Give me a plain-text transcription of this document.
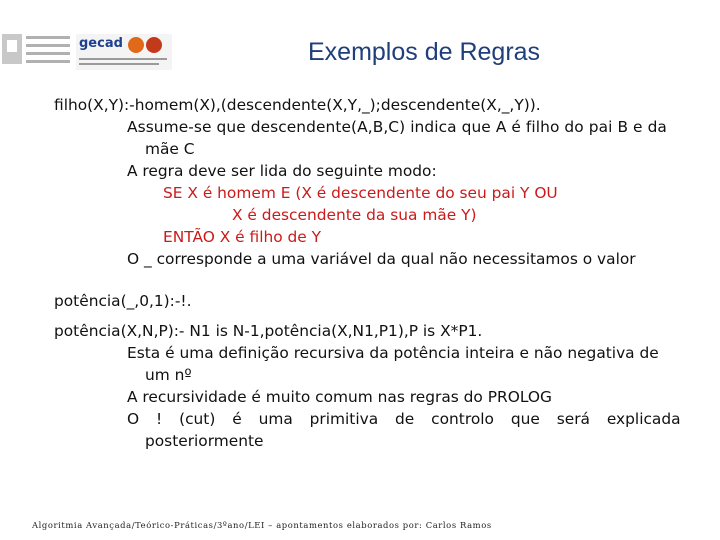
gecad	Exemplos de Regras

filho(X,Y):-homem(X),(descendente(X,Y,_);descendente(X,_,Y)).

Assume-se que descendente(A,B,C) indica que A é filho do pai B e da

mãe C

A regra deve ser lida do seguinte modo:

SE X é homem E (X é descendente do seu pai Y OU

X é descendente da sua mãe Y)

ENTÃO X é filho de Y

O _ corresponde a uma variável da qual não necessitamos o valor

potência(_,0,1):-!.

potência(X,N,P):- N1 is N-1,potência(X,N1,P1),P is X*P1.

Esta é uma definição recursiva da potência inteira e não negativa de

um nº

A recursividade é muito comum nas regras do PROLOG

O ! (cut) é uma primitiva de controlo que será explicada

posteriormente

Algoritmia Avançada/Teórico-Práticas/3ºano/LEI – apontamentos elaborados por: Carlos Ramos
